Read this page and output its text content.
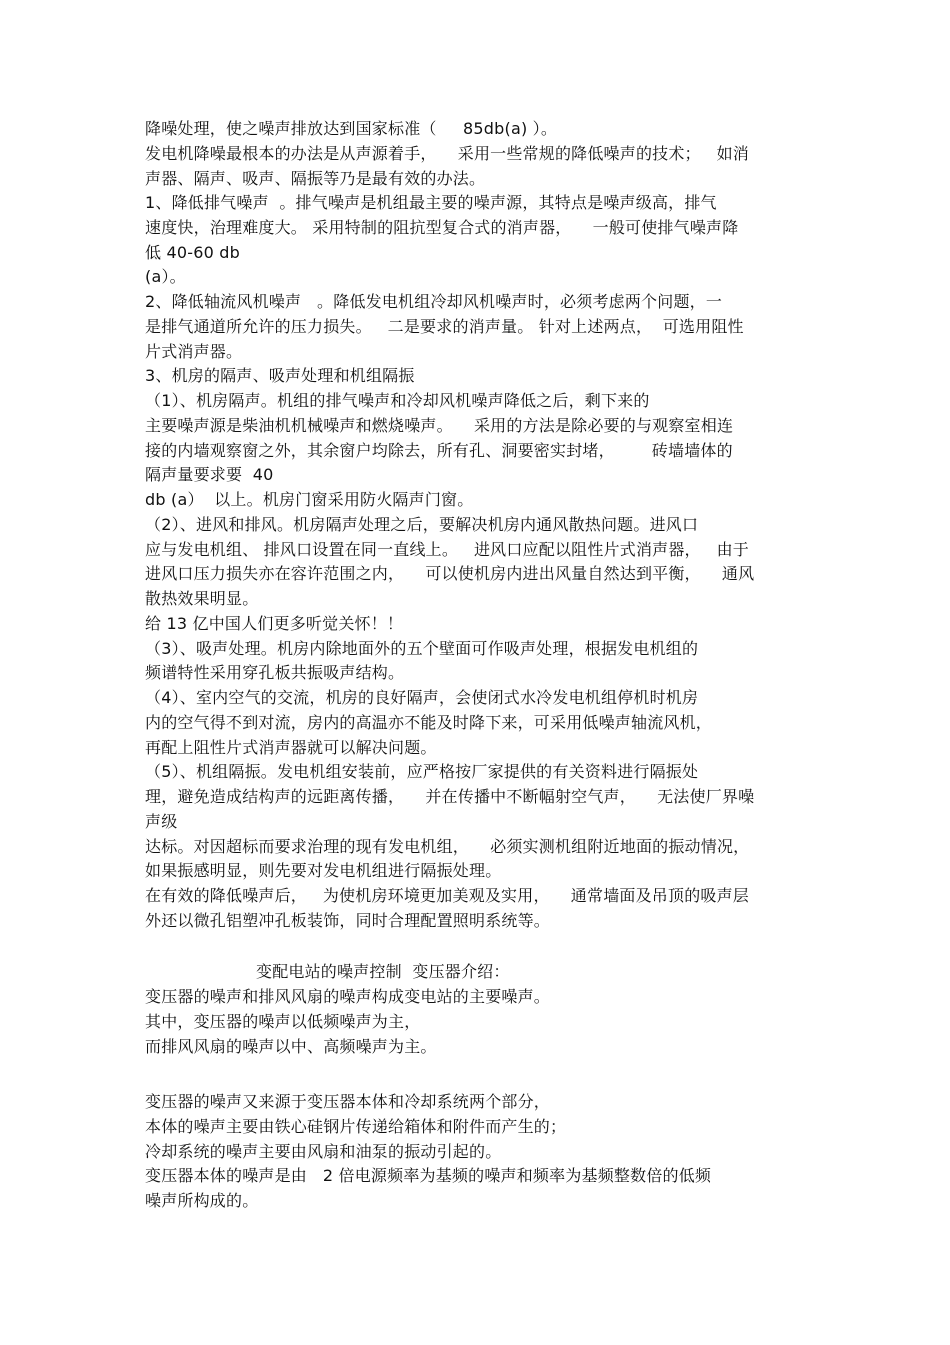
降噪处理，使之噪声排放达到国家标准（     85db(a) ）。
发电机降噪最根本的办法是从声源着手，    采用一些常规的降低噪声的技术；   如消
声器、隔声、吸声、隔振等乃是最有效的办法。
1、降低排气噪声  。排气噪声是机组最主要的噪声源，其特点是噪声级高，排气
速度快，治理难度大。 采用特制的阻抗型复合式的消声器，    一般可使排气噪声降
低 40-60 db
(a）。
2、降低轴流风机噪声   。降低发电机组冷却风机噪声时，必须考虑两个问题，一
是排气通道所允许的压力损失。   二是要求的消声量。 针对上述两点，  可选用阻性
片式消声器。
3、机房的隔声、吸声处理和机组隔振
（1）、机房隔声。机组的排气噪声和冷却风机噪声降低之后，剩下来的
主要噪声源是柴油机机械噪声和燃烧噪声。    采用的方法是除必要的与观察室相连
接的内墙观察窗之外，其余窗户均除去，所有孔、洞要密实封堵，       砖墙墙体的
隔声量要求要  40
db (a）  以上。机房门窗采用防火隔声门窗。
（2）、进风和排风。机房隔声处理之后，要解决机房内通风散热问题。进风口
应与发电机组、 排风口设置在同一直线上。   进风口应配以阻性片式消声器，   由于
进风口压力损失亦在容许范围之内，    可以使机房内进出风量自然达到平衡，    通风
散热效果明显。
给 13 亿中国人们更多听觉关怀！！
（3）、吸声处理。机房内除地面外的五个壁面可作吸声处理，根据发电机组的
频谱特性采用穿孔板共振吸声结构。
（4）、室内空气的交流，机房的良好隔声，会使闭式水冷发电机组停机时机房
内的空气得不到对流，房内的高温亦不能及时降下来，可采用低噪声轴流风机，
再配上阻性片式消声器就可以解决问题。
（5）、机组隔振。发电机组安装前，应严格按厂家提供的有关资料进行隔振处
理，避免造成结构声的远距离传播，    并在传播中不断幅射空气声，    无法使厂界噪
声级
达标。对因超标而要求治理的现有发电机组，    必须实测机组附近地面的振动情况，
如果振感明显，则先要对发电机组进行隔振处理。
在有效的降低噪声后，   为使机房环境更加美观及实用，    通常墙面及吊顶的吸声层
外还以微孔铝塑冲孔板装饰，同时合理配置照明系统等。
变配电站的噪声控制  变压器介绍：
变压器的噪声和排风风扇的噪声构成变电站的主要噪声。
其中，变压器的噪声以低频噪声为主，
而排风风扇的噪声以中、高频噪声为主。
变压器的噪声又来源于变压器本体和冷却系统两个部分，
本体的噪声主要由铁心硅钢片传递给箱体和附件而产生的；
冷却系统的噪声主要由风扇和油泵的振动引起的。
变压器本体的噪声是由   2 倍电源频率为基频的噪声和频率为基频整数倍的低频
噪声所构成的。
